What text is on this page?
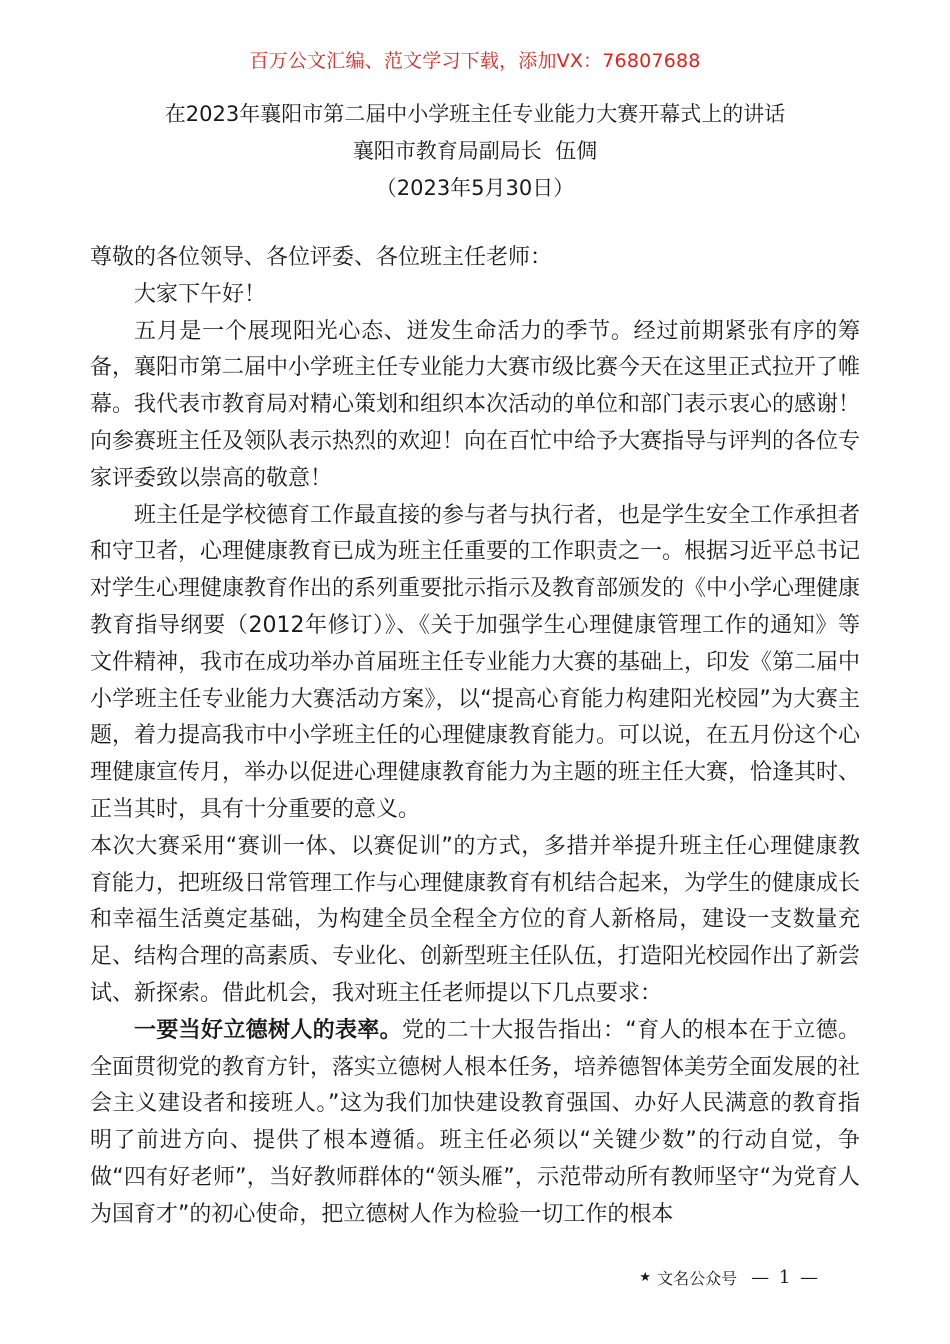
百万公文汇编、范文学习下载，添加VX：76807688
在2023年襄阳市第二届中小学班主任专业能力大赛开幕式上的讲话
襄阳市教育局副局长  伍倜
（2023年5月30日）

尊敬的各位领导、各位评委、各位班主任老师：

大家下午好！

五月是一个展现阳光心态、迸发生命活力的季节。经过前期紧张有序的筹备，襄阳市第二届中小学班主任专业能力大赛市级比赛今天在这里正式拉开了帷幕。我代表市教育局对精心策划和组织本次活动的单位和部门表示衷心的感谢！向参赛班主任及领队表示热烈的欢迎！向在百忙中给予大赛指导与评判的各位专家评委致以崇高的敬意！

班主任是学校德育工作最直接的参与者与执行者，也是学生安全工作承担者和守卫者，心理健康教育已成为班主任重要的工作职责之一。根据习近平总书记对学生心理健康教育作出的系列重要批示指示及教育部颁发的《中小学心理健康教育指导纲要（2012年修订）》、《关于加强学生心理健康管理工作的通知》等文件精神，我市在成功举办首届班主任专业能力大赛的基础上，印发《第二届中小学班主任专业能力大赛活动方案》，以“提高心育能力构建阳光校园”为大赛主题，着力提高我市中小学班主任的心理健康教育能力。可以说，在五月份这个心理健康宣传月，举办以促进心理健康教育能力为主题的班主任大赛，恰逢其时、正当其时，具有十分重要的意义。

本次大赛采用“赛训一体、以赛促训”的方式，多措并举提升班主任心理健康教育能力，把班级日常管理工作与心理健康教育有机结合起来，为学生的健康成长和幸福生活奠定基础，为构建全员全程全方位的育人新格局，建设一支数量充足、结构合理的高素质、专业化、创新型班主任队伍，打造阳光校园作出了新尝试、新探索。借此机会，我对班主任老师提以下几点要求：

一要当好立德树人的表率。党的二十大报告指出：“育人的根本在于立德。全面贯彻党的教育方针，落实立德树人根本任务，培养德智体美劳全面发展的社会主义建设者和接班人。”这为我们加快建设教育强国、办好人民满意的教育指明了前进方向、提供了根本遵循。班主任必须以“关键少数”的行动自觉，争做“四有好老师”，当好教师群体的“领头雁”，示范带动所有教师坚守“为党育人为国育才”的初心使命，把立德树人作为检验一切工作的根本

★ 文名公众号 — 1 —
